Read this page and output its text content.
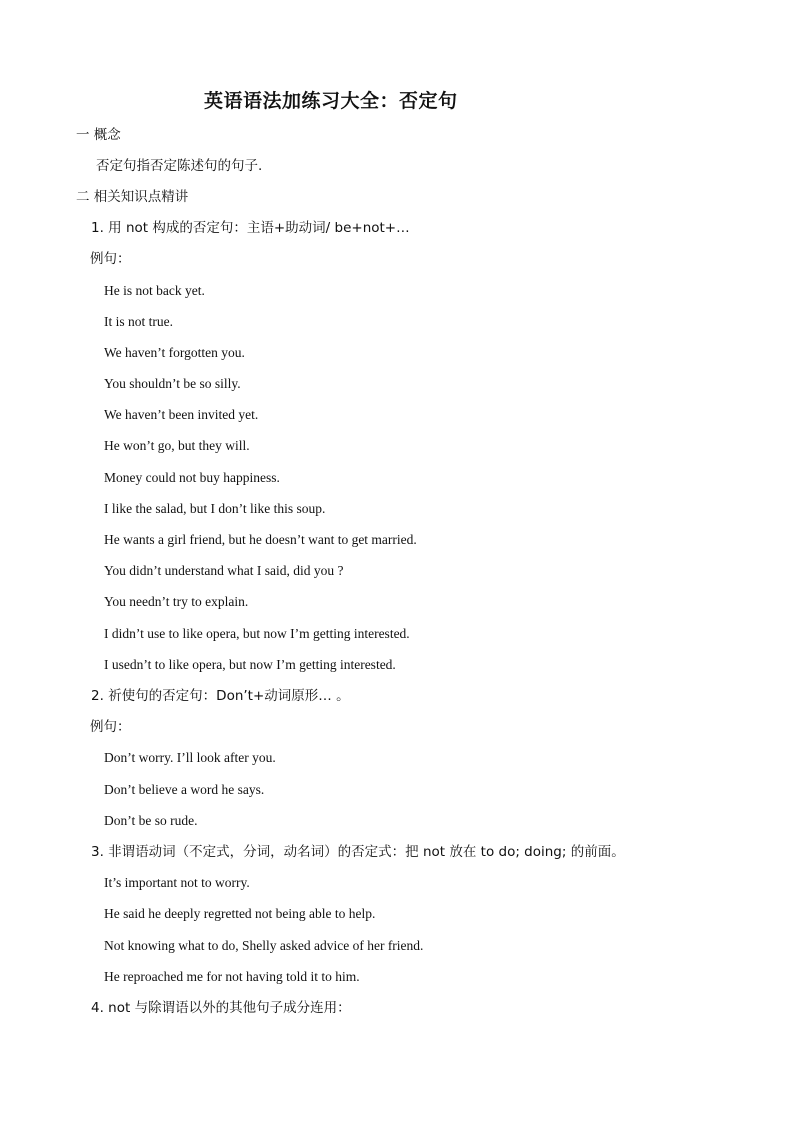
英语语法加练习大全：否定句
一 概念
否定句指否定陈述句的句子.
二 相关知识点精讲
1. 用 not 构成的否定句：主语+助动词/ be+not+…
例句：
He is not back yet.
It is not true.
We haven’t forgotten you.
You shouldn’t be so silly.
We haven’t been invited yet.
He won’t go, but they will.
Money could not buy happiness.
I like the salad, but I don’t like this soup.
He wants a girl friend, but he doesn’t want to get married.
You didn’t understand what I said, did you ?
You needn’t try to explain.
I didn’t use to like opera, but now I’m getting interested.
I usedn’t to like opera, but now I’m getting interested.
2. 祈使句的否定句：Don’t+动词原形… 。
例句：
Don’t worry. I’ll look after you.
Don’t believe a word he says.
Don’t be so rude.
3. 非谓语动词（不定式，分词，动名词）的否定式：把 not 放在 to do; doing; 的前面。
It’s important not to worry.
He said he deeply regretted not being able to help.
Not knowing what to do, Shelly asked advice of her friend.
He reproached me for not having told it to him.
4. not 与除谓语以外的其他句子成分连用：
